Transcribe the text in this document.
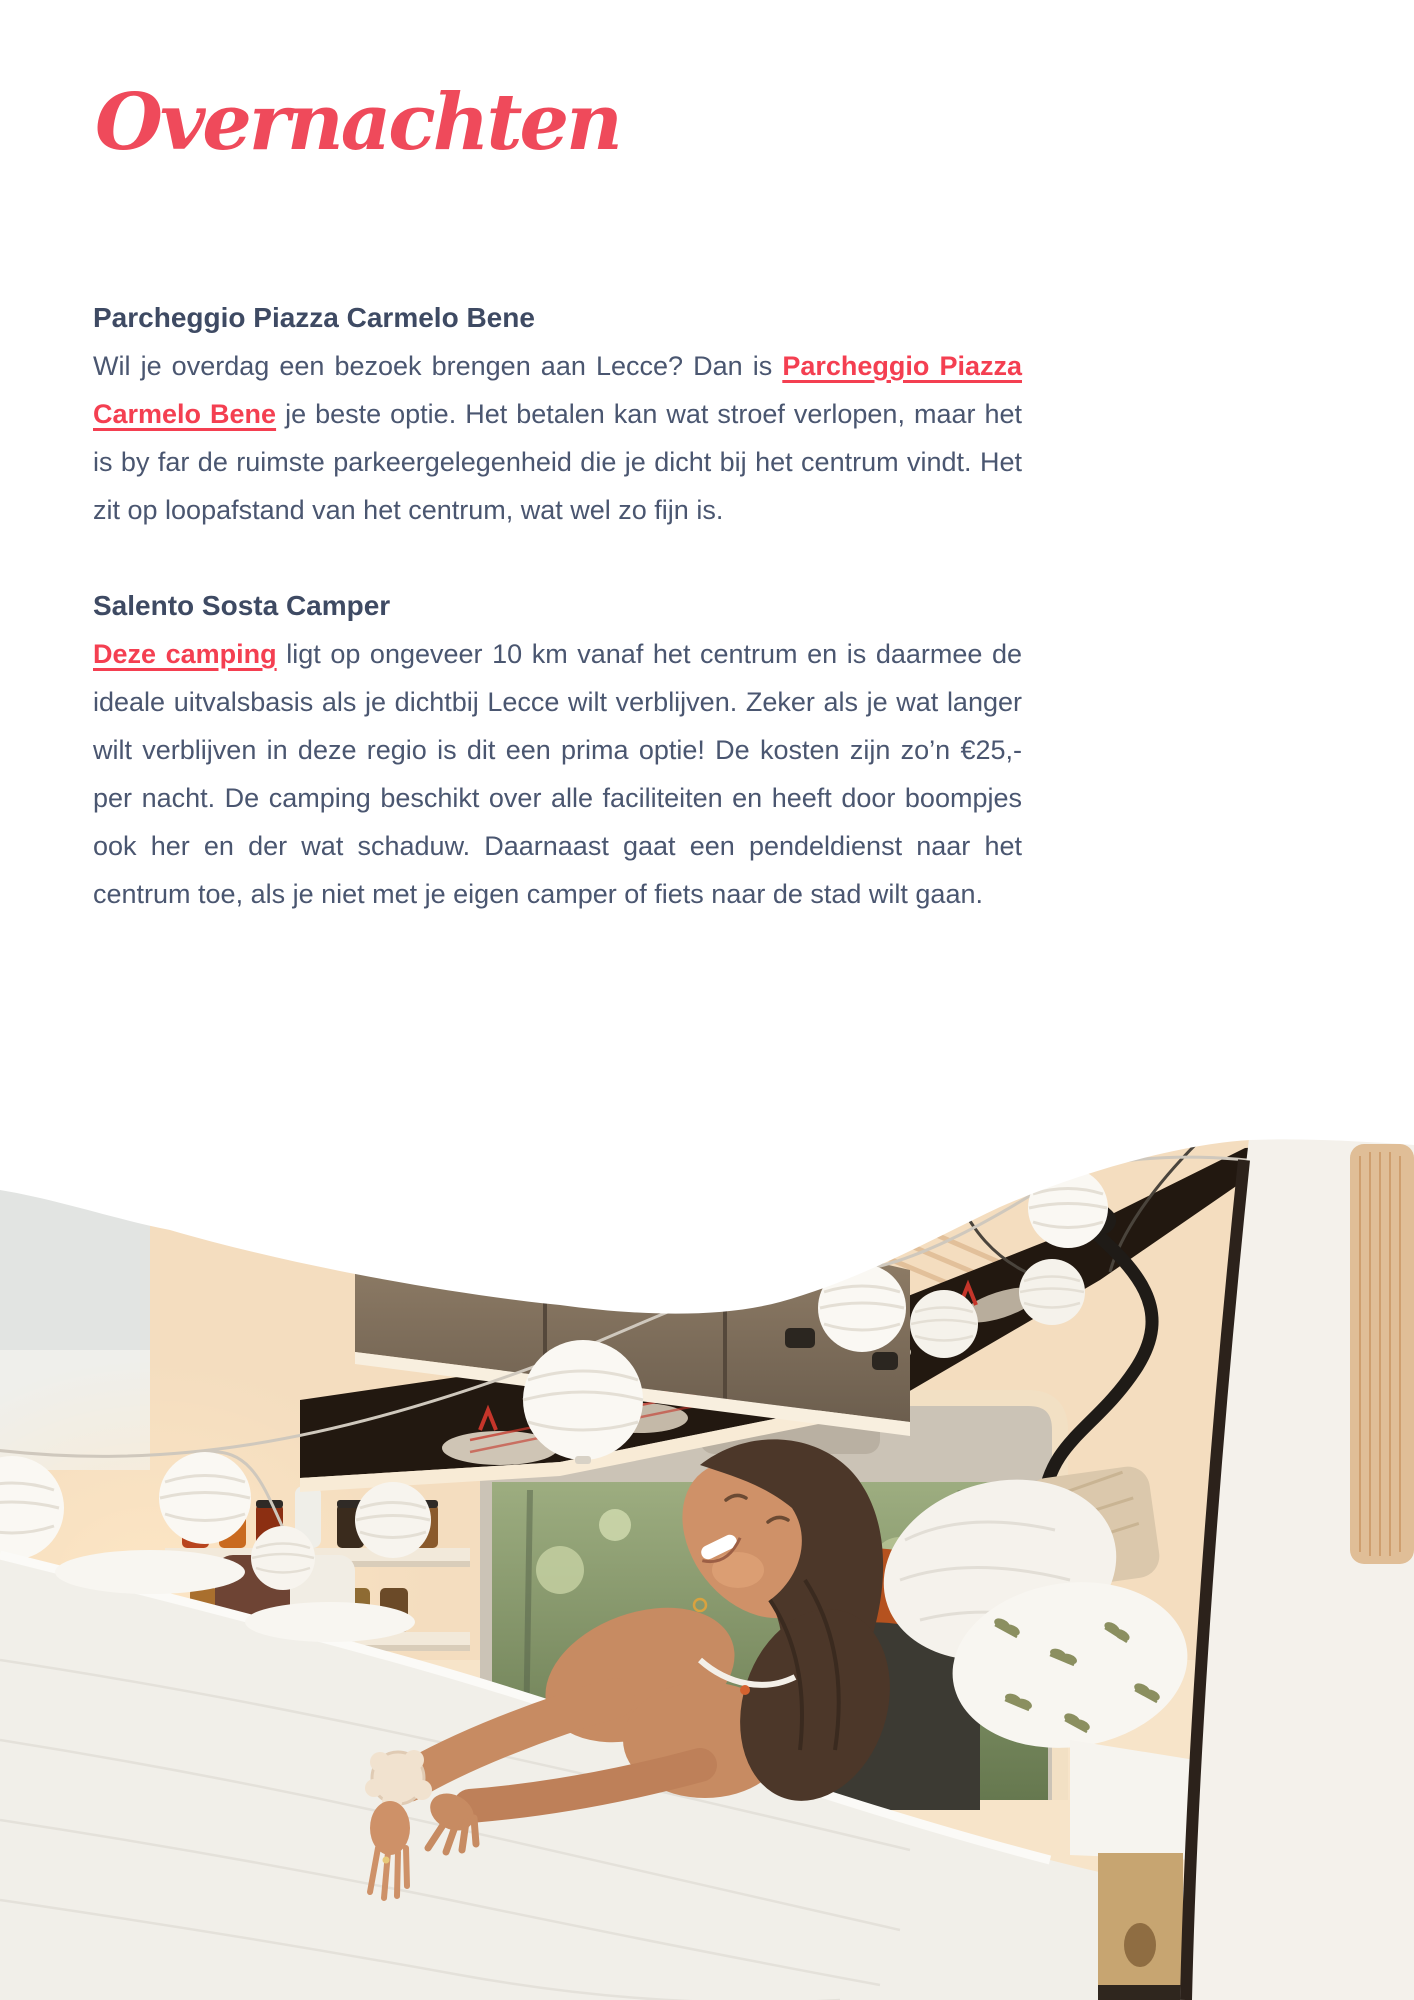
Overnachten
Parcheggio Piazza Carmelo Bene

Wil je overdag een bezoek brengen aan Lecce? Dan is Parcheggio Piazza Carmelo Bene je beste optie. Het betalen kan wat stroef verlopen, maar het is by far de ruimste parkeergelegenheid die je dicht bij het centrum vindt. Het zit op loopafstand van het centrum, wat wel zo fijn is.

Salento Sosta Camper

Deze camping ligt op ongeveer 10 km vanaf het centrum en is daarmee de ideale uitvalsbasis als je dichtbij Lecce wilt verblijven. Zeker als je wat langer wilt verblijven in deze regio is dit een prima optie! De kosten zijn zo’n €25,- per nacht. De camping beschikt over alle faciliteiten en heeft door boompjes ook her en der wat schaduw. Daarnaast gaat een pendeldienst naar het centrum toe, als je niet met je eigen camper of fiets naar de stad wilt gaan.
